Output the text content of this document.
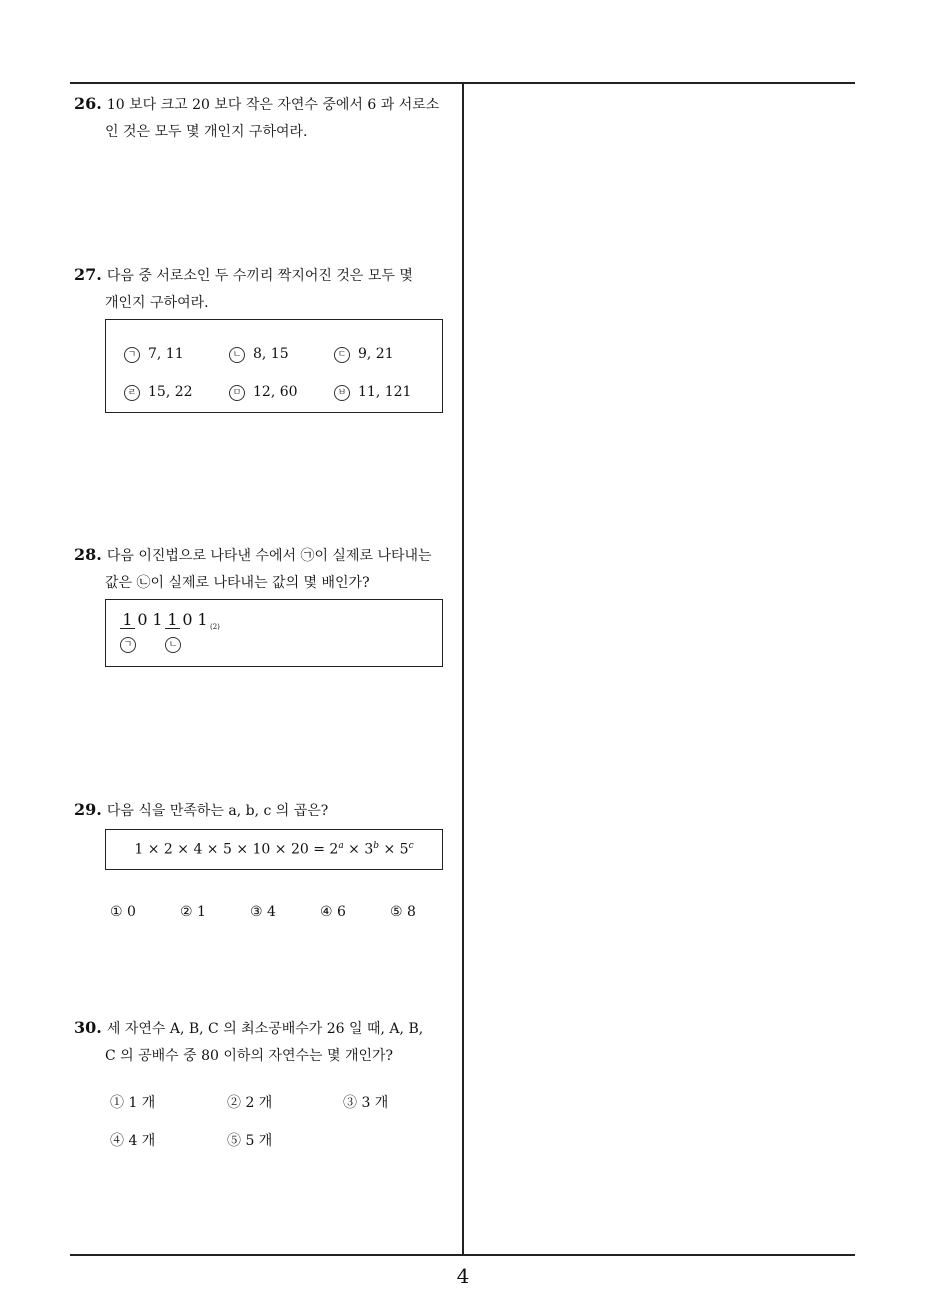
26. 10 보다 크고 20 보다 작은 자연수 중에서 6 과 서로소
인 것은 모두 몇 개인지 구하여라.
27. 다음 중 서로소인 두 수끼리 짝지어진 것은 모두 몇
개인지 구하여라.
ㄱ 7, 11	ㄴ 8, 15	ㄷ 9, 21
ㄹ 15, 22	ㅁ 12, 60	ㅂ 11, 121
28. 다음 이진법으로 나타낸 수에서 ㉠이 실제로 나타내는
값은 ㉡이 실제로 나타내는 값의 몇 배인가?
1 0 1 1 0 1 $_{(2)}$
ㄱ	ㄴ
29. 다음 식을 만족하는 a, b, c 의 곱은?
$1 \times 2 \times 4 \times 5 \times 10 \times 20 = 2^a \times 3^b \times 5^c$
① 0	② 1	③ 4	④ 6	⑤ 8
30. 세 자연수 A, B, C 의 최소공배수가 26 일 때, A, B,
C 의 공배수 중 80 이하의 자연수는 몇 개인가?
① 1 개	② 2 개	③ 3 개
④ 4 개	⑤ 5 개
4
